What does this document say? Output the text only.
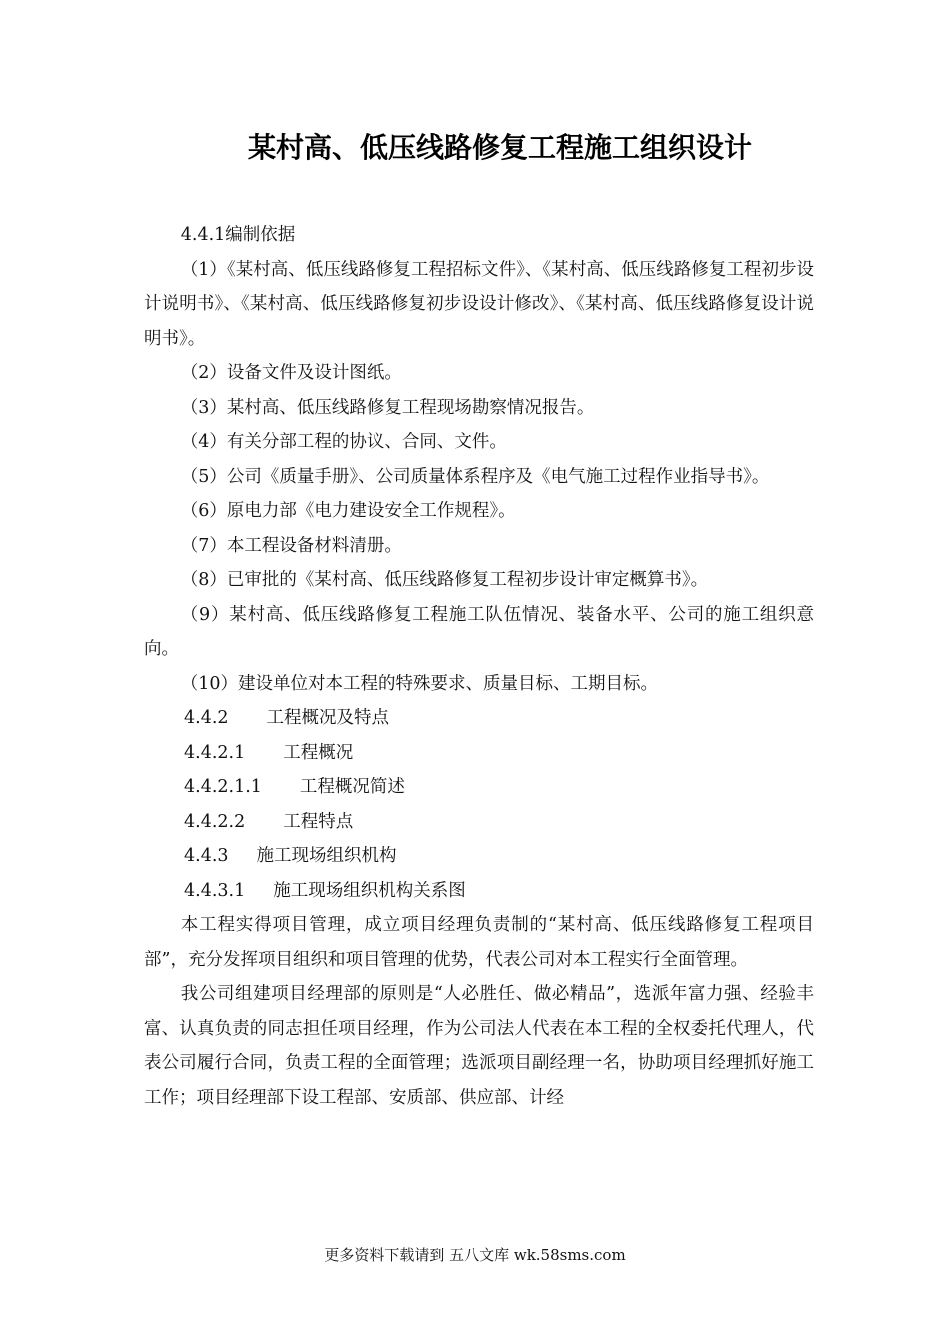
某村高、低压线路修复工程施工组织设计

4.4.1编制依据

（1）《某村高、低压线路修复工程招标文件》、《某村高、低压线路修复工程初步设计说明书》、《某村高、低压线路修复初步设设计修改》、《某村高、低压线路修复设计说明书》。

（2）设备文件及设计图纸。

（3）某村高、低压线路修复工程现场勘察情况报告。

（4）有关分部工程的协议、合同、文件。

（5）公司《质量手册》、公司质量体系程序及《电气施工过程作业指导书》。

（6）原电力部《电力建设安全工作规程》。

（7）本工程设备材料清册。

（8）已审批的《某村高、低压线路修复工程初步设计审定概算书》。

（9）某村高、低压线路修复工程施工队伍情况、装备水平、公司的施工组织意向。

（10）建设单位对本工程的特殊要求、质量目标、工期目标。

4.4.2 工程概况及特点

4.4.2.1 工程概况

4.4.2.1.1 工程概况简述

4.4.2.2 工程特点

4.4.3 施工现场组织机构

4.4.3.1 施工现场组织机构关系图

本工程实得项目管理，成立项目经理负责制的“某村高、低压线路修复工程项目部”，充分发挥项目组织和项目管理的优势，代表公司对本工程实行全面管理。

我公司组建项目经理部的原则是“人必胜任、做必精品”，选派年富力强、经验丰富、认真负责的同志担任项目经理，作为公司法人代表在本工程的全权委托代理人，代表公司履行合同，负责工程的全面管理；选派项目副经理一名，协助项目经理抓好施工工作；项目经理部下设工程部、安质部、供应部、计经

更多资料下载请到 五八文库 wk.58sms.com
